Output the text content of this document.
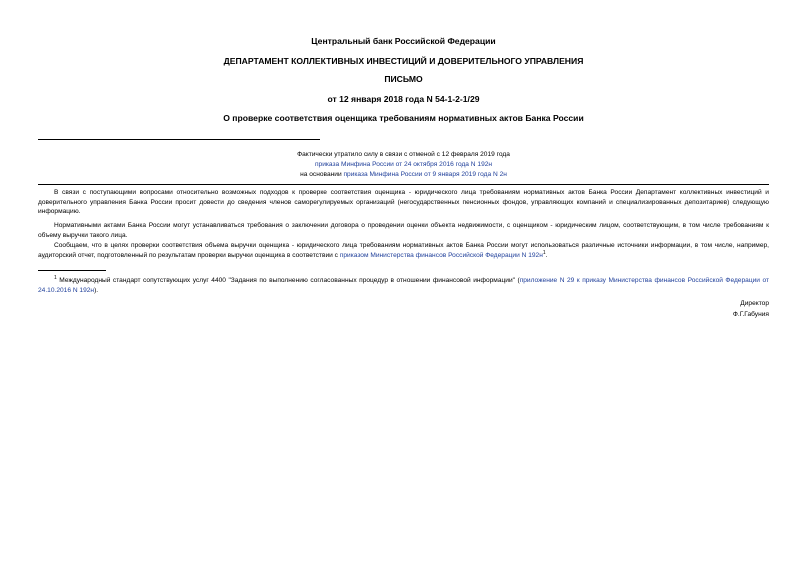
Центральный банк Российской Федерации
ДЕПАРТАМЕНТ КОЛЛЕКТИВНЫХ ИНВЕСТИЦИЙ И ДОВЕРИТЕЛЬНОГО УПРАВЛЕНИЯ
ПИСЬМО
от 12 января 2018 года N 54-1-2-1/29
О проверке соответствия оценщика требованиям нормативных актов Банка России
Фактически утратило силу в связи с отменой с 12 февраля 2019 года
приказа Минфина России от 24 октября 2016 года N 192н
на основании приказа Минфина России от 9 января 2019 года N 2н
В связи с поступающими вопросами относительно возможных подходов к проверке соответствия оценщика - юридического лица требованиям нормативных актов Банка России Департамент коллективных инвестиций и доверительного управления Банка России просит довести до сведения членов саморегулируемых организаций (негосударственных пенсионных фондов, управляющих компаний и специализированных депозитариев) следующую информацию.
Нормативными актами Банка России могут устанавливаться требования о заключении договора о проведении оценки объекта недвижимости, с оценщиком - юридическим лицом, соответствующим, в том числе требованиям к объему выручки такого лица.
Сообщаем, что в целях проверки соответствия объема выручки оценщика - юридического лица требованиям нормативных актов Банка России могут использоваться различные источники информации, в том числе, например, аудиторский отчет, подготовленный по результатам проверки выручки оценщика в соответствии с приказом Министерства финансов Российской Федерации N $192н^1$.
$^1$ Международный стандарт сопутствующих услуг 4400 "Задания по выполнению согласованных процедур в отношении финансовой информации" (приложение N 29 к приказу Министерства финансов Российской Федерации от 24.10.2016 N 192н).
Директор
Ф.Г.Габуния
